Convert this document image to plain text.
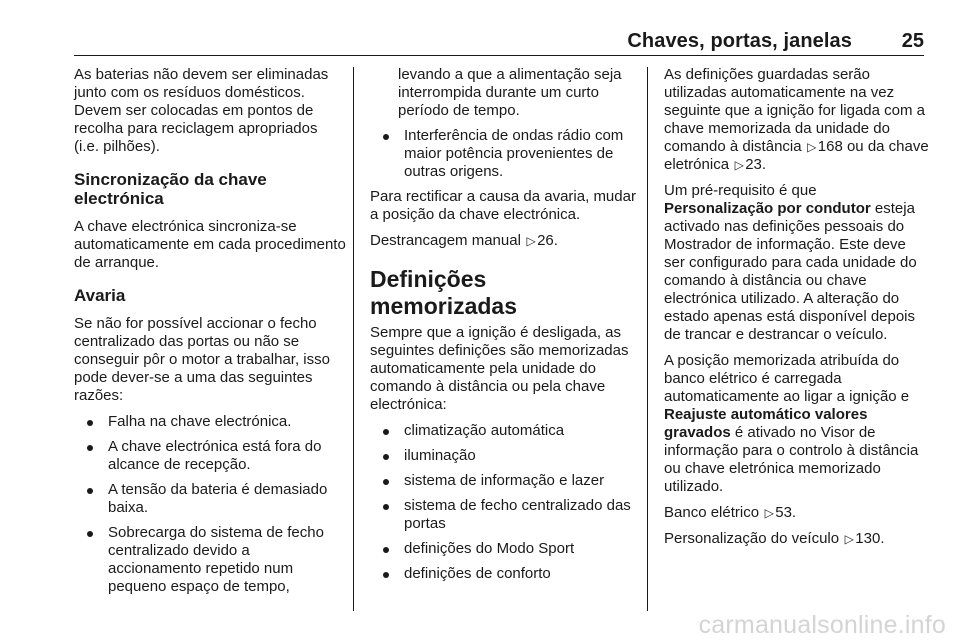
Chaves, portas, janelas 25

As baterias não devem ser eliminadas junto com os resíduos domésticos. Devem ser colocadas em pontos de recolha para reciclagem apropriados (i.e. pilhões).

Sincronização da chave electrónica

A chave electrónica sincroniza-se automaticamente em cada procedimento de arranque.

Avaria

Se não for possível accionar o fecho centralizado das portas ou não se conseguir pôr o motor a trabalhar, isso pode dever-se a uma das seguintes razões:

Falha na chave electrónica.
A chave electrónica está fora do alcance de recepção.
A tensão da bateria é demasiado baixa.
Sobrecarga do sistema de fecho centralizado devido a accionamento repetido num pequeno espaço de tempo,
levando a que a alimentação seja interrompida durante um curto período de tempo.
Interferência de ondas rádio com maior potência provenientes de outras origens.

Para rectificar a causa da avaria, mudar a posição da chave electrónica.

Destrancagem manual ▷26.

Definições memorizadas

Sempre que a ignição é desligada, as seguintes definições são memorizadas automaticamente pela unidade do comando à distância ou pela chave electrónica:

climatização automática
iluminação
sistema de informação e lazer
sistema de fecho centralizado das portas
definições do Modo Sport
definições de conforto

As definições guardadas serão utilizadas automaticamente na vez seguinte que a ignição for ligada com a chave memorizada da unidade do comando à distância ▷168 ou da chave eletrónica ▷23.

Um pré-requisito é que
Personalização por condutor esteja activado nas definições pessoais do Mostrador de informação. Este deve ser configurado para cada unidade do comando à distância ou chave electrónica utilizado. A alteração do estado apenas está disponível depois de trancar e destrancar o veículo.

A posição memorizada atribuída do banco elétrico é carregada automaticamente ao ligar a ignição e Reajuste automático valores gravados é ativado no Visor de informação para o controlo à distância ou chave eletrónica memorizado utilizado.

Banco elétrico ▷53.

Personalização do veículo ▷130.

carmanualsonline.info
